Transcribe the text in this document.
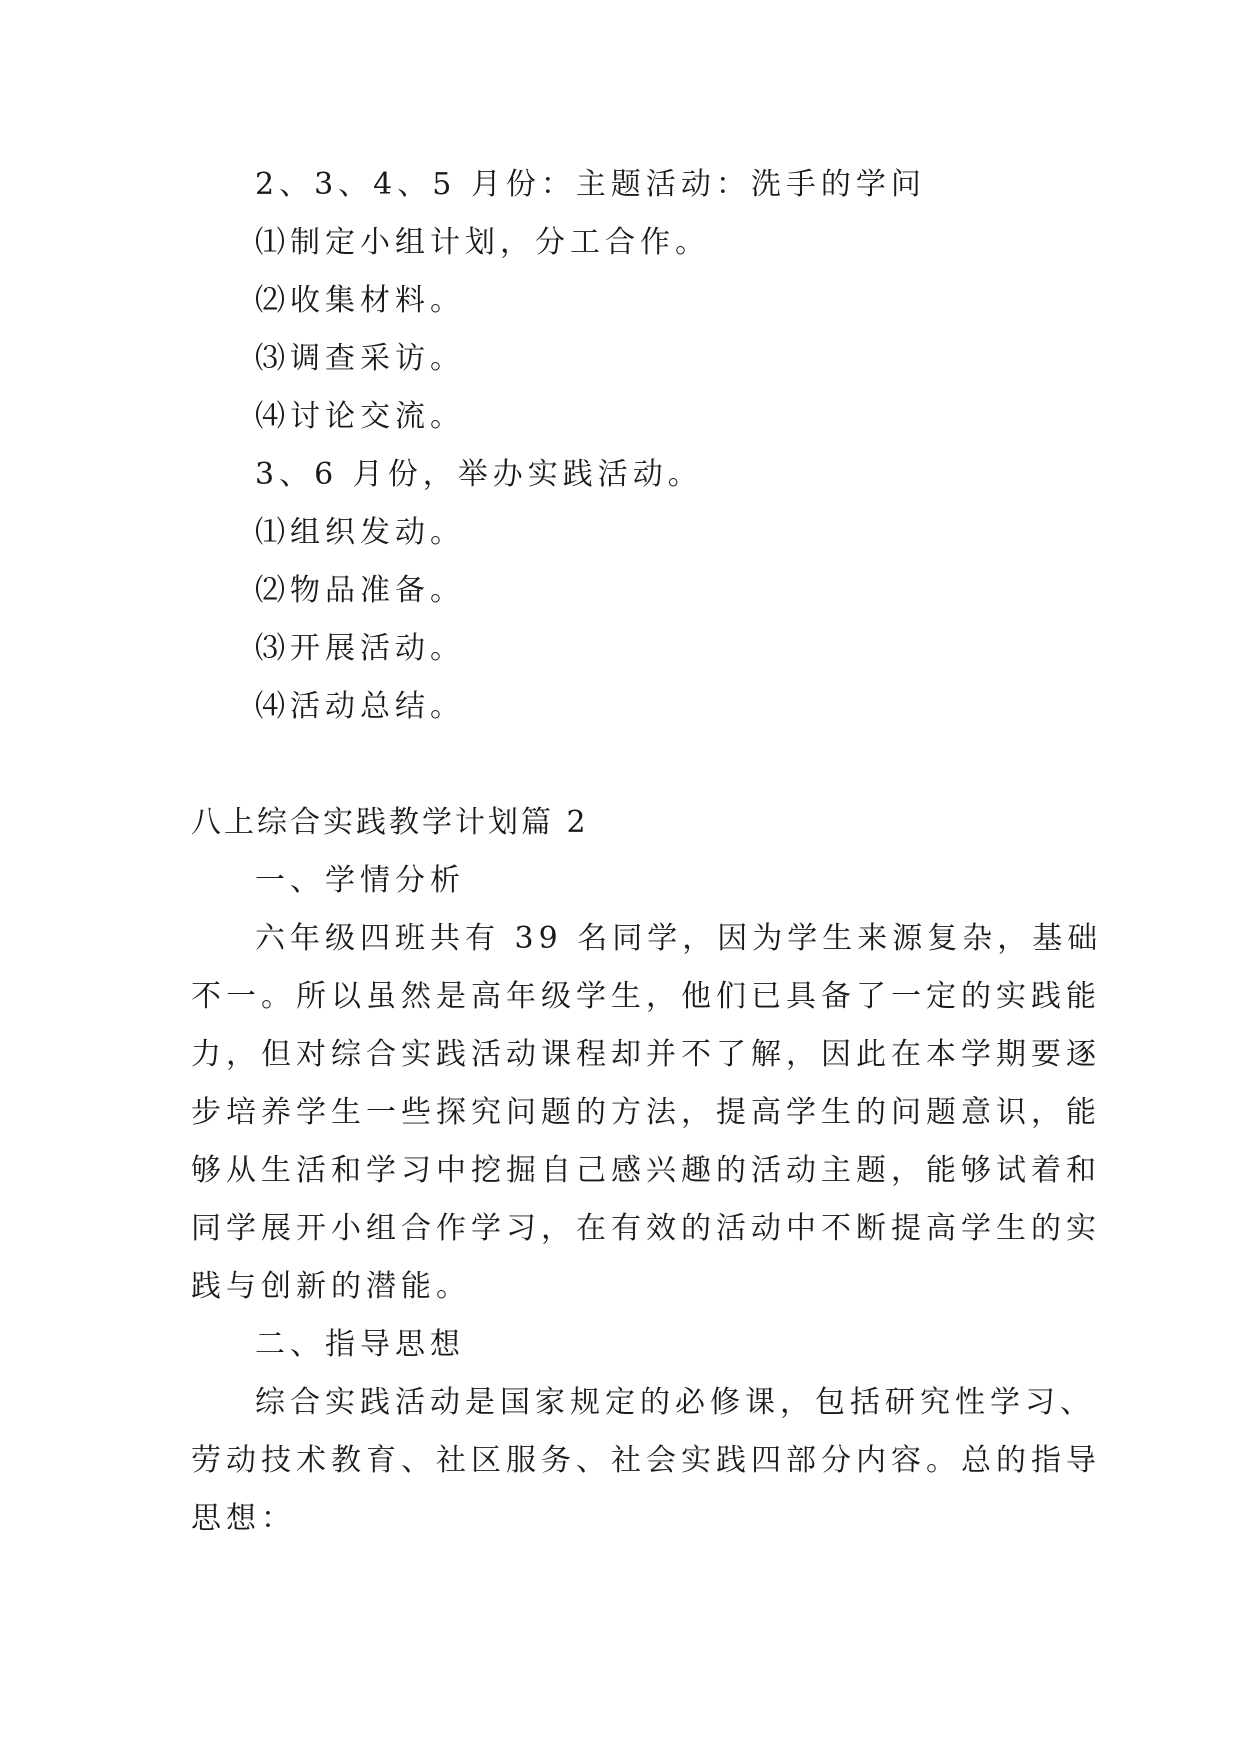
2、3、4、5 月份：主题活动：洗手的学问
⑴制定小组计划，分工合作。
⑵收集材料。
⑶调查采访。
⑷讨论交流。
3、6 月份，举办实践活动。
⑴组织发动。
⑵物品准备。
⑶开展活动。
⑷活动总结。
八上综合实践教学计划篇 2
一、学情分析
六年级四班共有 39 名同学，因为学生来源复杂，基础
不一。所以虽然是高年级学生，他们已具备了一定的实践能
力，但对综合实践活动课程却并不了解，因此在本学期要逐
步培养学生一些探究问题的方法，提高学生的问题意识，能
够从生活和学习中挖掘自己感兴趣的活动主题，能够试着和
同学展开小组合作学习，在有效的活动中不断提高学生的实
践与创新的潜能。
二、指导思想
综合实践活动是国家规定的必修课，包括研究性学习、
劳动技术教育、社区服务、社会实践四部分内容。总的指导
思想：
